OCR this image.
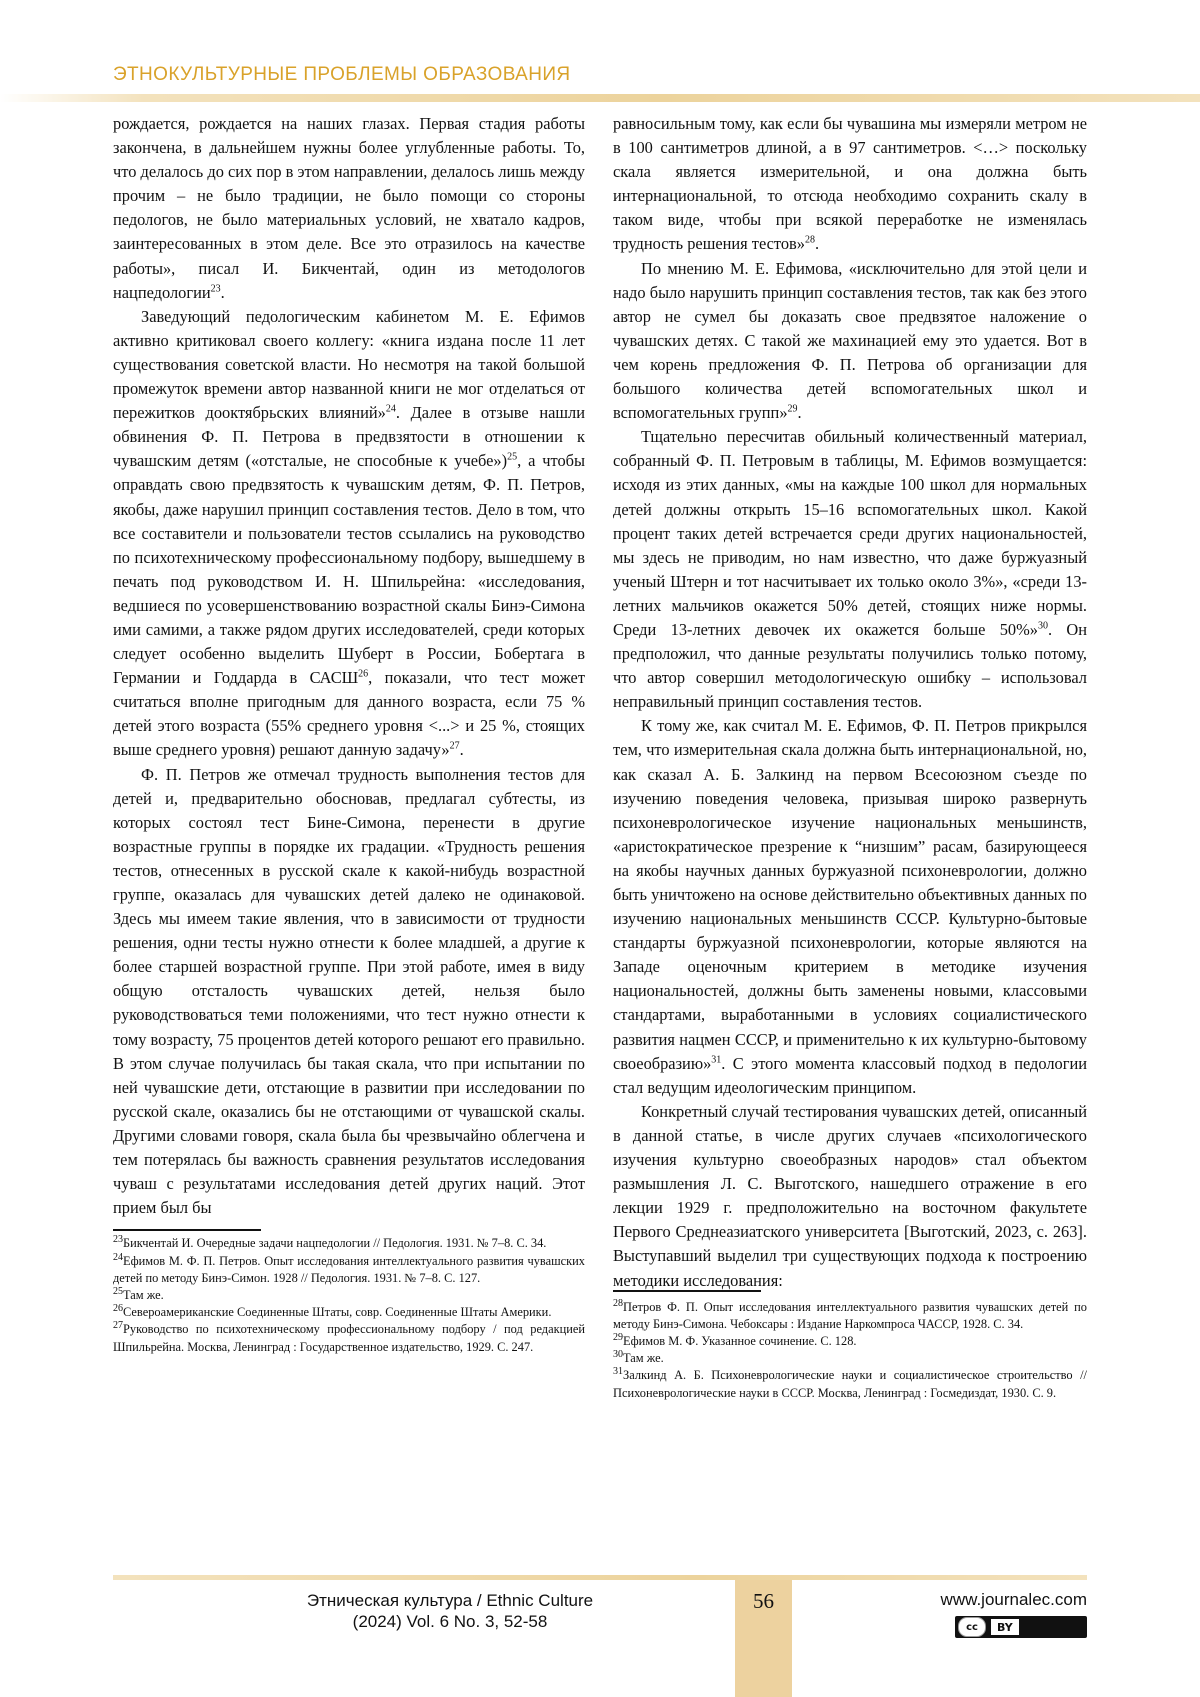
ЭТНОКУЛЬТУРНЫЕ ПРОБЛЕМЫ ОБРАЗОВАНИЯ

рождается, рождается на наших глазах. Первая стадия работы закончена, в дальнейшем нужны более углубленные работы. То, что делалось до сих пор в этом направлении, делалось лишь между прочим – не было традиции, не было помощи со стороны педологов, не было материальных условий, не хватало кадров, заинтересованных в этом деле. Все это отразилось на качестве работы», писал И. Бикчентай, один из методологов нацпедологии$^{23}$.

Заведующий педологическим кабинетом М. Е. Ефимов активно критиковал своего коллегу: «книга издана после 11 лет существования советской власти. Но несмотря на такой большой промежуток времени автор названной книги не мог отделаться от пережитков дооктябрьских влияний»$^{24}$. Далее в отзыве нашли обвинения Ф. П. Петрова в предвзятости в отношении к чувашским детям («отсталые, не способные к учебе»)$^{25}$, а чтобы оправдать свою предвзятость к чувашским детям, Ф. П. Петров, якобы, даже нарушил принцип составления тестов. Дело в том, что все составители и пользователи тестов ссылались на руководство по психотехническому профессиональному подбору, вышедшему в печать под руководством И. Н. Шпильрейна: «исследования, ведшиеся по усовершенствованию возрастной скалы Бинэ-Симона ими самими, а также рядом других исследователей, среди которых следует особенно выделить Шуберт в России, Бобертага в Германии и Годдарда в САСШ$^{26}$, показали, что тест может считаться вполне пригодным для данного возраста, если 75 % детей этого возраста (55% среднего уровня <...> и 25 %, стоящих выше среднего уровня) решают данную задачу»$^{27}$.

Ф. П. Петров же отмечал трудность выполнения тестов для детей и, предварительно обосновав, предлагал субтесты, из которых состоял тест Бине-Симона, перенести в другие возрастные группы в порядке их градации. «Трудность решения тестов, отнесенных в русской скале к какой-нибудь возрастной группе, оказалась для чувашских детей далеко не одинаковой. Здесь мы имеем такие явления, что в зависимости от трудности решения, одни тесты нужно отнести к более младшей, а другие к более старшей возрастной группе. При этой работе, имея в виду общую отсталость чувашских детей, нельзя было руководствоваться теми положениями, что тест нужно отнести к тому возрасту, 75 процентов детей которого решают его правильно. В этом случае получилась бы такая скала, что при испытании по ней чувашские дети, отстающие в развитии при исследовании по русской скале, оказались бы не отстающими от чувашской скалы. Другими словами говоря, скала была бы чрезвычайно облегчена и тем потерялась бы важность сравнения результатов исследования чуваш с результатами исследования детей других наций. Этот прием был бы

$^{23}$Бикчентай И. Очередные задачи нацпедологии // Педология. 1931. № 7–8. С. 34.

$^{24}$Ефимов М. Ф. П. Петров. Опыт исследования интеллектуального развития чувашских детей по методу Бинэ-Симон. 1928 // Педология. 1931. № 7–8. С. 127.

$^{25}$Там же.

$^{26}$Североамериканские Соединенные Штаты, совр. Соединенные Штаты Америки.

$^{27}$Руководство по психотехническому профессиональному подбору / под редакцией Шпильрейна. Москва, Ленинград : Государственное издательство, 1929. С. 247.

равносильным тому, как если бы чувашина мы измеряли метром не в 100 сантиметров длиной, а в 97 сантиметров. <…> поскольку скала является измерительной, и она должна быть интернациональной, то отсюда необходимо сохранить скалу в таком виде, чтобы при всякой переработке не изменялась трудность решения тестов»$^{28}$.

По мнению М. Е. Ефимова, «исключительно для этой цели и надо было нарушить принцип составления тестов, так как без этого автор не сумел бы доказать свое предвзятое наложение о чувашских детях. С такой же махинацией ему это удается. Вот в чем корень предложения Ф. П. Петрова об организации для большого количества детей вспомогательных школ и вспомогательных групп»$^{29}$.

Тщательно пересчитав обильный количественный материал, собранный Ф. П. Петровым в таблицы, М. Ефимов возмущается: исходя из этих данных, «мы на каждые 100 школ для нормальных детей должны открыть 15–16 вспомогательных школ. Какой процент таких детей встречается среди других национальностей, мы здесь не приводим, но нам известно, что даже буржуазный ученый Штерн и тот насчитывает их только около 3%», «среди 13-летних мальчиков окажется 50% детей, стоящих ниже нормы. Среди 13-летних девочек их окажется больше 50%»$^{30}$. Он предположил, что данные результаты получились только потому, что автор совершил методологическую ошибку – использовал неправильный принцип составления тестов.

К тому же, как считал М. Е. Ефимов, Ф. П. Петров прикрылся тем, что измерительная скала должна быть интернациональной, но, как сказал А. Б. Залкинд на первом Всесоюзном съезде по изучению поведения человека, призывая широко развернуть психоневрологическое изучение национальных меньшинств, «аристократическое презрение к “низшим” расам, базирующееся на якобы научных данных буржуазной психоневрологии, должно быть уничтожено на основе действительно объективных данных по изучению национальных меньшинств СССР. Культурно-бытовые стандарты буржуазной психоневрологии, которые являются на Западе оценочным критерием в методике изучения национальностей, должны быть заменены новыми, классовыми стандартами, выработанными в условиях социалистического развития нацмен СССР, и применительно к их культурно-бытовому своеобразию»$^{31}$. С этого момента классовый подход в педологии стал ведущим идеологическим принципом.

Конкретный случай тестирования чувашских детей, описанный в данной статье, в числе других случаев «психологического изучения культурно своеобразных народов» стал объектом размышления Л. С. Выготского, нашедшего отражение в его лекции 1929 г. предположительно на восточном факультете Первого Среднеазиатского университета [Выготский, 2023, с. 263]. Выступавший выделил три существующих подхода к построению методики исследования:

$^{28}$Петров Ф. П. Опыт исследования интеллектуального развития чувашских детей по методу Бинэ-Симона. Чебоксары : Издание Наркомпроса ЧАССР, 1928. С. 34.

$^{29}$Ефимов М. Ф. Указанное сочинение. С. 128.

$^{30}$Там же.

$^{31}$Залкинд А. Б. Психоневрологические науки и социалистическое строительство // Психоневрологические науки в СССР. Москва, Ленинград : Госмедиздат, 1930. С. 9.

56
Этническая культура / Ethnic Culture
(2024) Vol. 6 No. 3, 52-58
www.journalec.com
cc	BY
